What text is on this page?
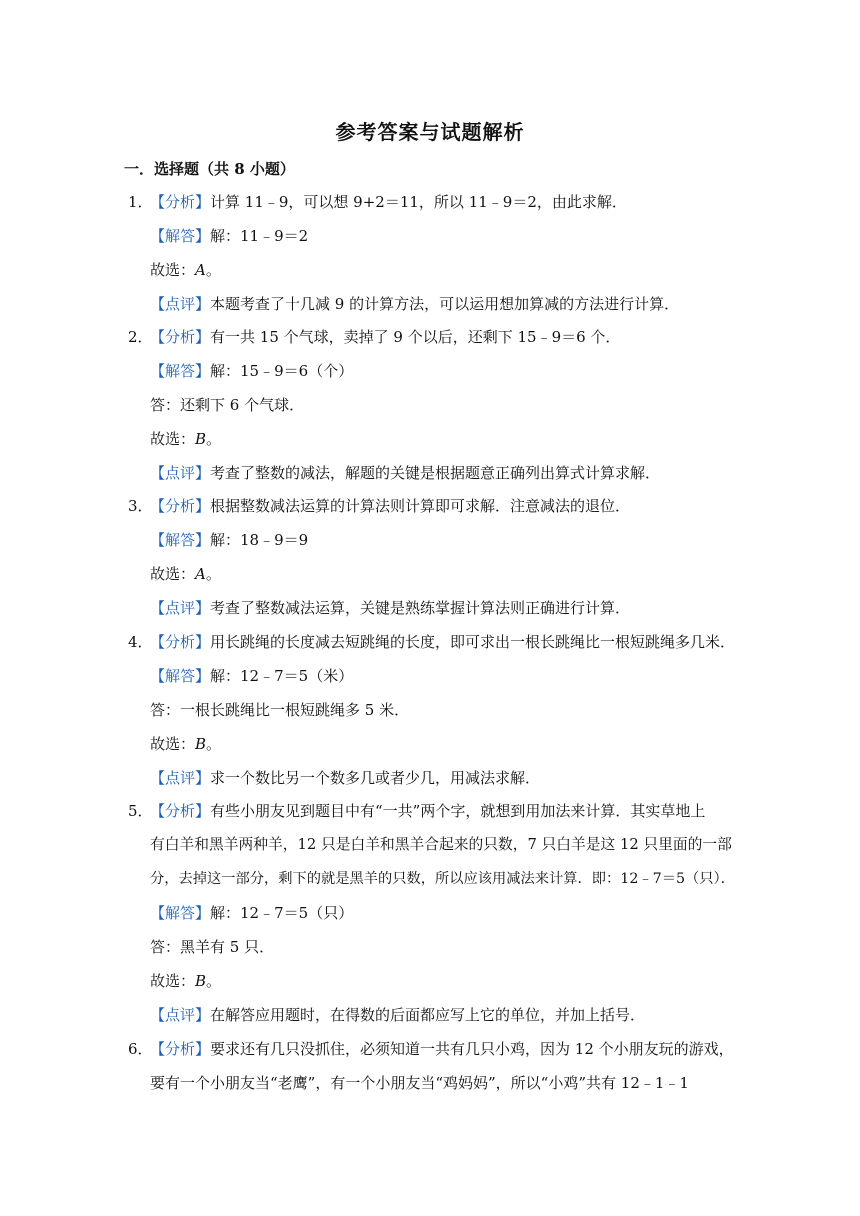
参考答案与试题解析
一．选择题（共 8 小题）
1．
【分析】计算 11﹣9，可以想 9+2＝11，所以 11﹣9＝2，由此求解．
【解答】解：11﹣9＝2
故选：A。
【点评】本题考查了十几减 9 的计算方法，可以运用想加算减的方法进行计算．
2．
【分析】有一共 15 个气球，卖掉了 9 个以后，还剩下 15﹣9＝6 个．
【解答】解：15﹣9＝6（个）
答：还剩下 6 个气球．
故选：B。
【点评】考查了整数的减法，解题的关键是根据题意正确列出算式计算求解．
3．
【分析】根据整数减法运算的计算法则计算即可求解．注意减法的退位．
【解答】解：18﹣9＝9
故选：A。
【点评】考查了整数减法运算，关键是熟练掌握计算法则正确进行计算．
4．
【分析】用长跳绳的长度减去短跳绳的长度，即可求出一根长跳绳比一根短跳绳多几米．
【解答】解：12﹣7＝5（米）
答：一根长跳绳比一根短跳绳多 5 米．
故选：B。
【点评】求一个数比另一个数多几或者少几，用减法求解．
5．
【分析】有些小朋友见到题目中有“一共”两个字，就想到用加法来计算．其实草地上
有白羊和黑羊两种羊，12 只是白羊和黑羊合起来的只数，7 只白羊是这 12 只里面的一部
分，去掉这一部分，剩下的就是黑羊的只数，所以应该用减法来计算．即：12﹣7＝5（只）．
【解答】解：12﹣7＝5（只）
答：黑羊有 5 只．
故选：B。
【点评】在解答应用题时，在得数的后面都应写上它的单位，并加上括号．
6．
【分析】要求还有几只没抓住，必须知道一共有几只小鸡，因为 12 个小朋友玩的游戏，
要有一个小朋友当“老鹰”，有一个小朋友当“鸡妈妈”，所以“小鸡”共有 12﹣1﹣1
